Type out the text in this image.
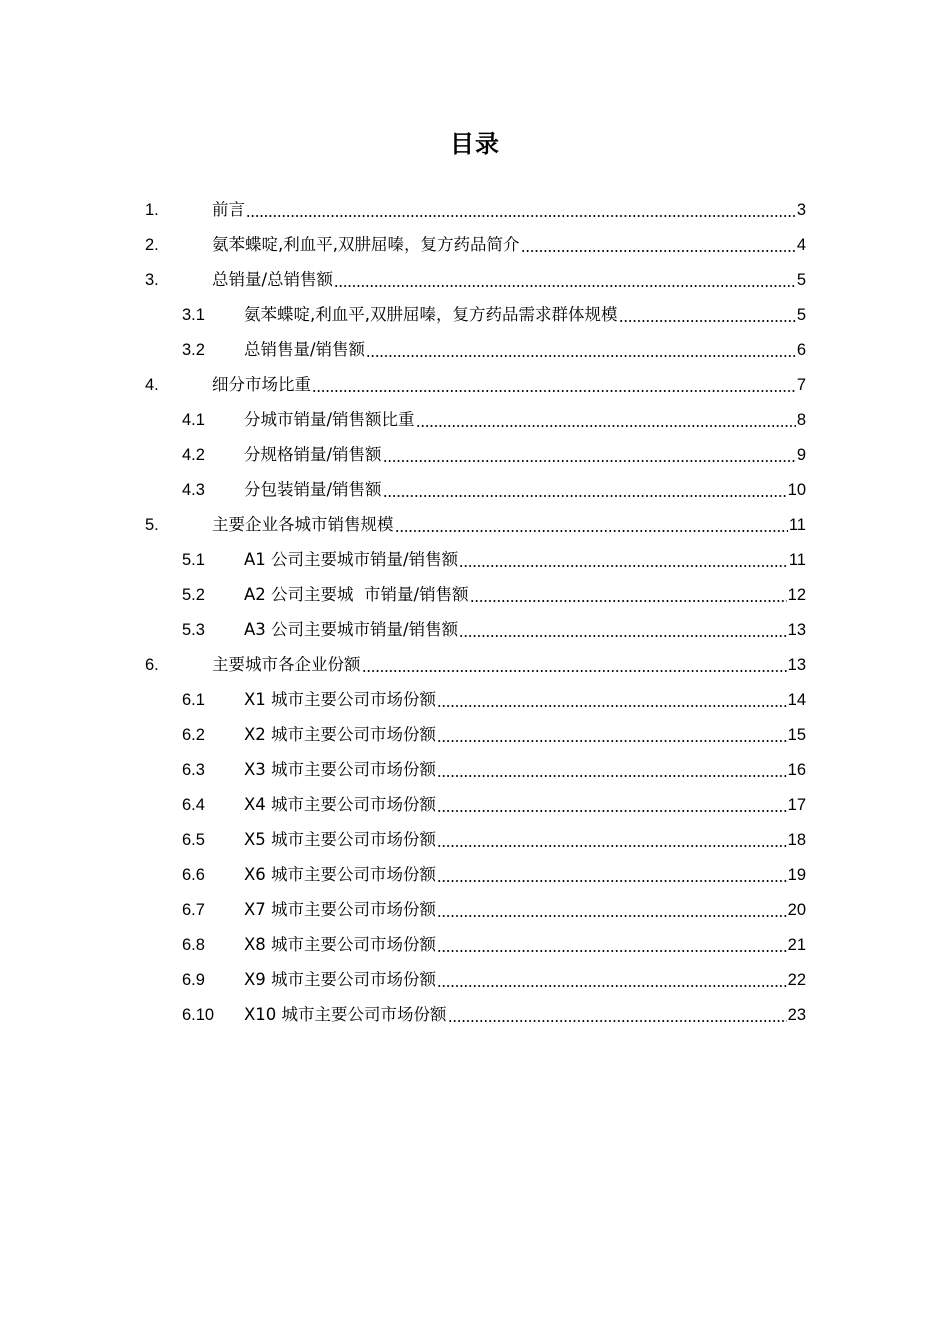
目录
1.	前言	3
2.	氨苯蝶啶,利血平,双肼屈嗪，复方药品简介	4
3.	总销量/总销售额	5
3.1	氨苯蝶啶,利血平,双肼屈嗪，复方药品需求群体规模	5
3.2	总销售量/销售额	6
4.	细分市场比重	7
4.1	分城市销量/销售额比重	8
4.2	分规格销量/销售额	9
4.3	分包装销量/销售额	10
5.	主要企业各城市销售规模	11
5.1	A1 公司主要城市销量/销售额	11
5.2	A2 公司主要城  市销量/销售额	12
5.3	A3 公司主要城市销量/销售额	13
6.	主要城市各企业份额	13
6.1	X1 城市主要公司市场份额	14
6.2	X2 城市主要公司市场份额	15
6.3	X3 城市主要公司市场份额	16
6.4	X4 城市主要公司市场份额	17
6.5	X5 城市主要公司市场份额	18
6.6	X6 城市主要公司市场份额	19
6.7	X7 城市主要公司市场份额	20
6.8	X8 城市主要公司市场份额	21
6.9	X9 城市主要公司市场份额	22
6.10	X10 城市主要公司市场份额	23
